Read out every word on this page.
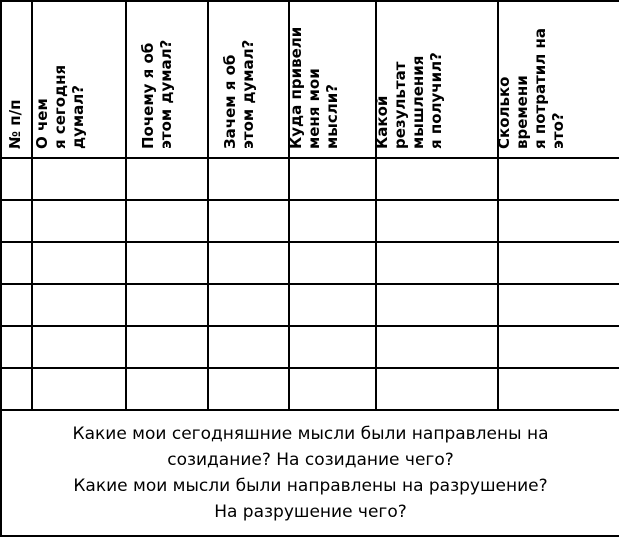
№ п/п	О чем
я сегодня
думал?	Почему я об
этом думал?	Зачем я об
этом думал?	Куда привели
меня мои
мысли?	Какой
результат
мышления
я получил?	Сколько
времени
я потратил на
это?

Какие мои сегодняшние мысли были направлены на
созидание? На созидание чего?
Какие мои мысли были направлены на разрушение?
На разрушение чего?						
